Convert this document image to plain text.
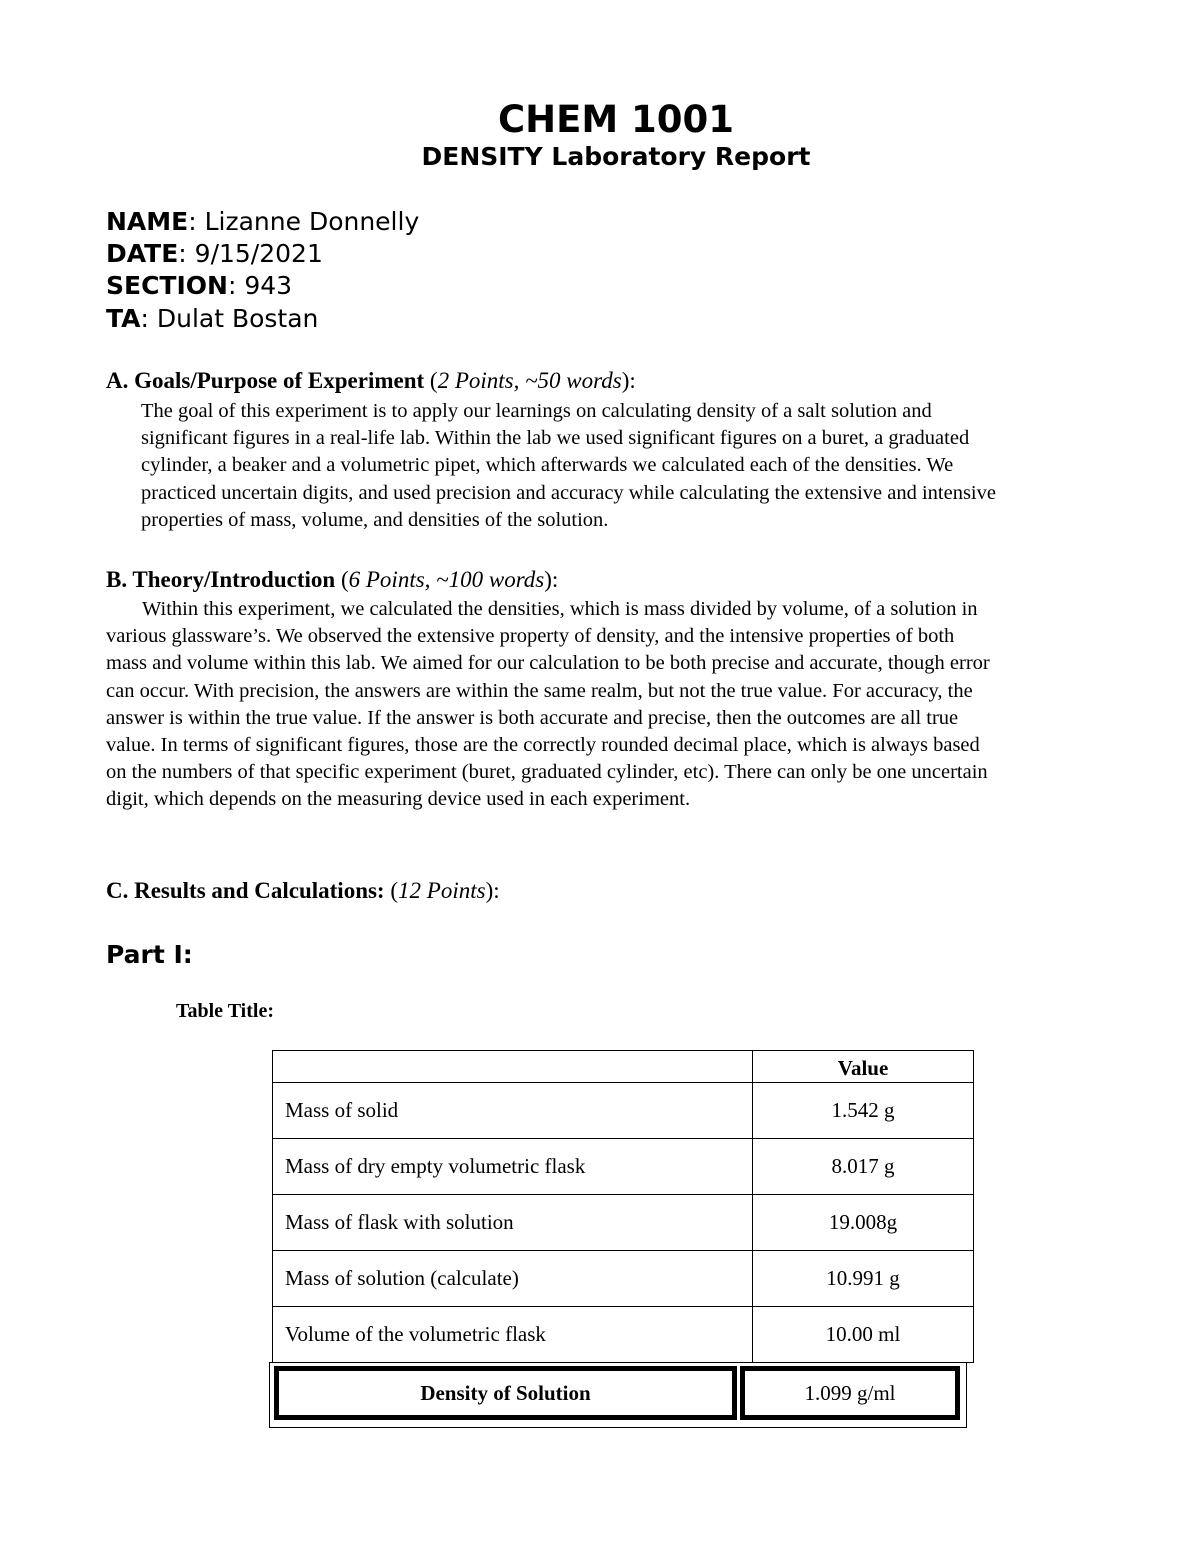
CHEM 1001
DENSITY Laboratory Report
NAME: Lizanne Donnelly
DATE: 9/15/2021
SECTION: 943
TA: Dulat Bostan
A. Goals/Purpose of Experiment (2 Points, ~50 words):
The goal of this experiment is to apply our learnings on calculating density of a salt solution and
significant figures in a real-life lab. Within the lab we used significant figures on a buret, a graduated
cylinder, a beaker and a volumetric pipet, which afterwards we calculated each of the densities. We
practiced uncertain digits, and used precision and accuracy while calculating the extensive and intensive
properties of mass, volume, and densities of the solution.
B. Theory/Introduction (6 Points, ~100 words):
Within this experiment, we calculated the densities, which is mass divided by volume, of a solution in
various glassware’s. We observed the extensive property of density, and the intensive properties of both
mass and volume within this lab. We aimed for our calculation to be both precise and accurate, though error
can occur. With precision, the answers are within the same realm, but not the true value. For accuracy, the
answer is within the true value. If the answer is both accurate and precise, then the outcomes are all true
value. In terms of significant figures, those are the correctly rounded decimal place, which is always based
on the numbers of that specific experiment (buret, graduated cylinder, etc). There can only be one uncertain
digit, which depends on the measuring device used in each experiment.
C. Results and Calculations: (12 Points):
Part I:
Table Title:
	Value
Mass of solid	1.542 g
Mass of dry empty volumetric flask	8.017 g
Mass of flask with solution	19.008g
Mass of solution (calculate)	10.991 g
Volume of the volumetric flask	10.00 ml
Density of Solution	1.099 g/ml
